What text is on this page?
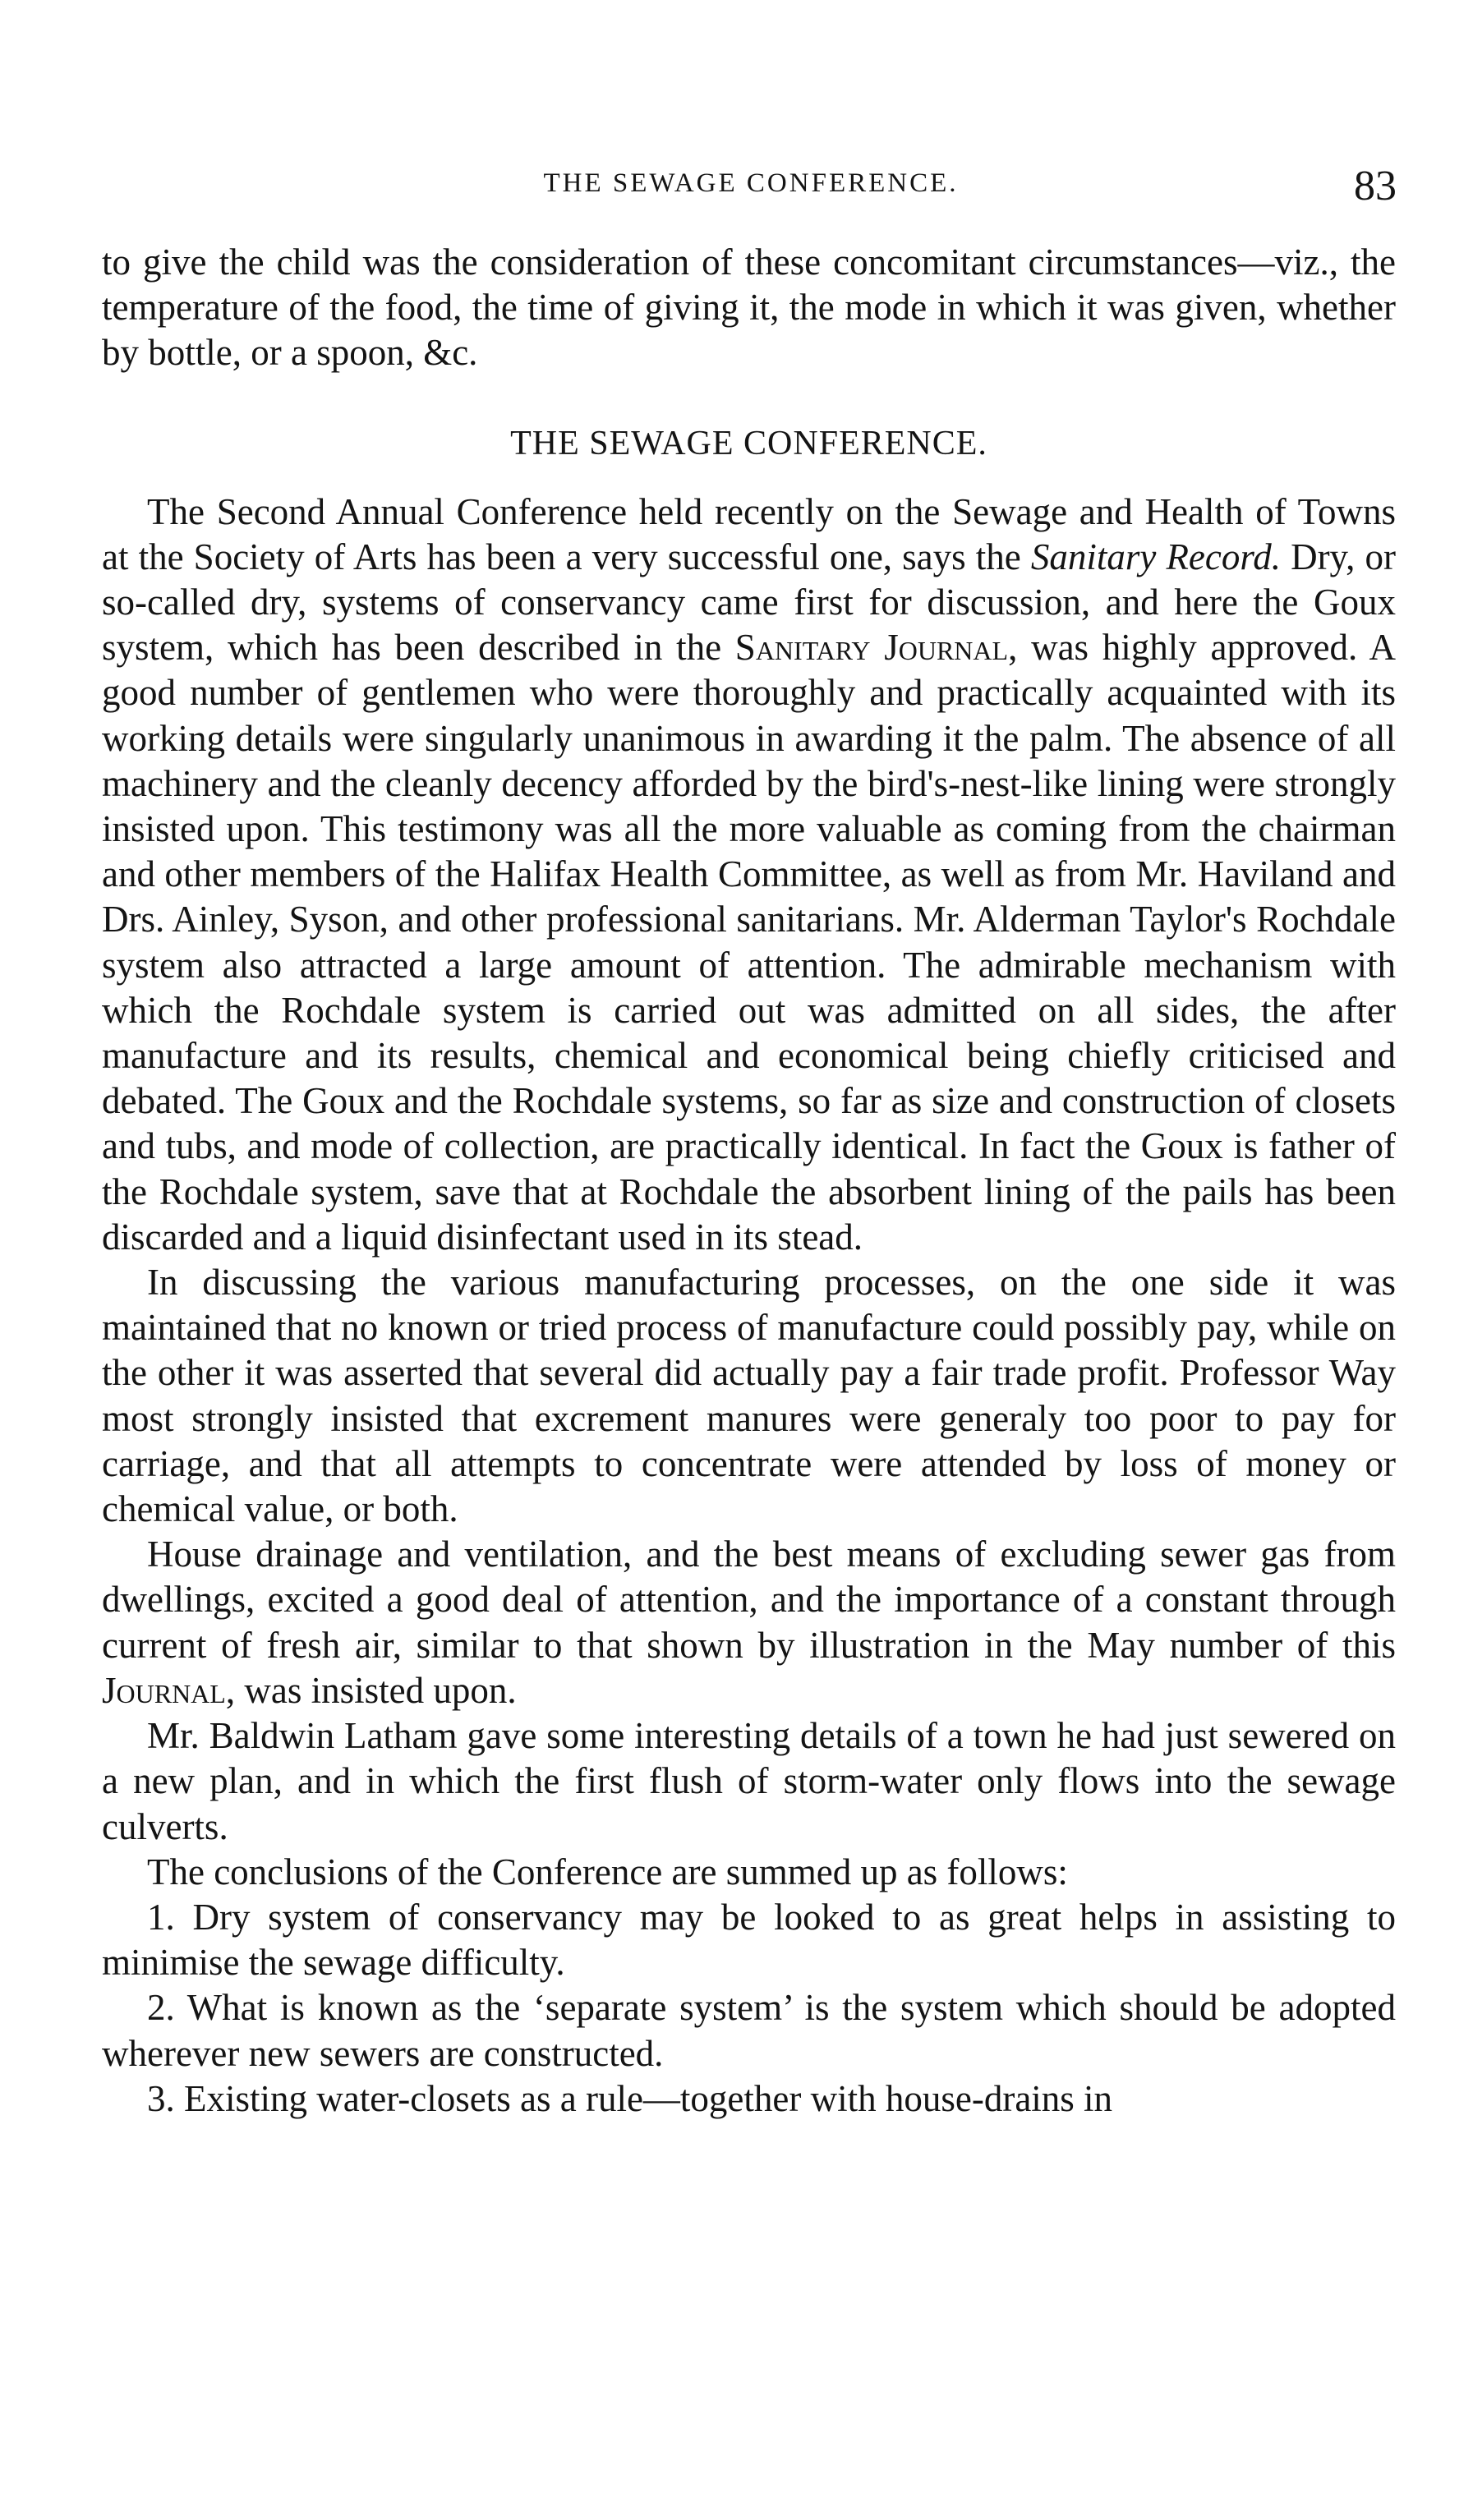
THE SEWAGE CONFERENCE.	83

to give the child was the consideration of these concomitant circumstances—viz., the temperature of the food, the time of giving it, the mode in which it was given, whether by bottle, or a spoon, &c.

THE SEWAGE CONFERENCE.

The Second Annual Conference held recently on the Sewage and Health of Towns at the Society of Arts has been a very successful one, says the Sanitary Record. Dry, or so-called dry, systems of conservancy came first for discussion, and here the Goux system, which has been described in the Sanitary Journal, was highly approved. A good number of gentlemen who were thoroughly and practically acquainted with its working details were singularly unanimous in awarding it the palm. The absence of all machinery and the cleanly decency afforded by the bird's-nest-like lining were strongly insisted upon. This testimony was all the more valuable as coming from the chairman and other members of the Halifax Health Committee, as well as from Mr. Haviland and Drs. Ainley, Syson, and other professional sanitarians. Mr. Alderman Taylor's Rochdale system also attracted a large amount of attention. The admirable mechanism with which the Rochdale system is carried out was admitted on all sides, the after manufacture and its results, chemical and economical being chiefly criticised and debated. The Goux and the Rochdale systems, so far as size and construction of closets and tubs, and mode of collection, are practically identical. In fact the Goux is father of the Rochdale system, save that at Rochdale the absorbent lining of the pails has been discarded and a liquid disinfectant used in its stead.

In discussing the various manufacturing processes, on the one side it was maintained that no known or tried process of manufacture could possibly pay, while on the other it was asserted that several did actually pay a fair trade profit. Professor Way most strongly insisted that excrement manures were generaly too poor to pay for carriage, and that all attempts to concentrate were attended by loss of money or chemical value, or both.

House drainage and ventilation, and the best means of excluding sewer gas from dwellings, excited a good deal of attention, and the importance of a constant through current of fresh air, similar to that shown by illustration in the May number of this Journal, was insisted upon.

Mr. Baldwin Latham gave some interesting details of a town he had just sewered on a new plan, and in which the first flush of storm-water only flows into the sewage culverts.

The conclusions of the Conference are summed up as follows:

1. Dry system of conservancy may be looked to as great helps in assisting to minimise the sewage difficulty.

2. What is known as the ‘separate system’ is the system which should be adopted wherever new sewers are constructed.

3. Existing water-closets as a rule—together with house-drains in
